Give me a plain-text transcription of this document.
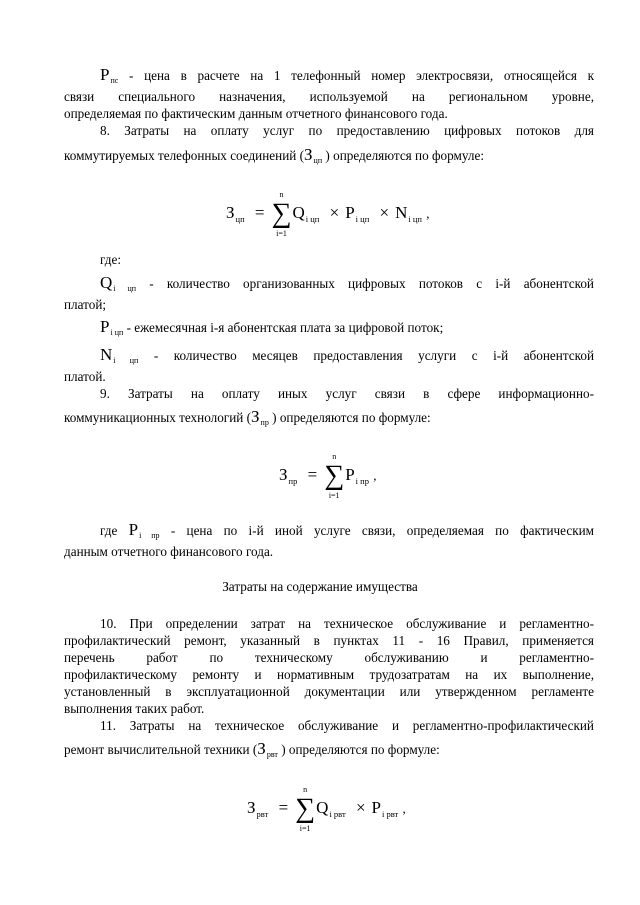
$P_{пс}$ - цена в расчете на 1 телефонный номер электросвязи, относящейся к

связи специального назначения, используемой на региональном уровне,

определяемая по фактическим данным отчетного финансового года.

8. Затраты на оплату услуг по предоставлению цифровых потоков для

коммутируемых телефонных соединений ($З_{цп}$ ) определяются по формуле:

$З_{цп}$ =
n
∑
i=1
$Q_{i цп} \times P_{i цп} \times N_{i цп}$ ,

где:

$Q_{i цп}$ - количество организованных цифровых потоков с i-й абонентской

платой;

$P_{i цп}$ - ежемесячная i-я абонентская плата за цифровой поток;

$N_{i цп}$ - количество месяцев предоставления услуги с i-й абонентской

платой.

9. Затраты на оплату иных услуг связи в сфере информационно-

коммуникационных технологий ($З_{пр}$ ) определяются по формуле:

$З_{пр}$ =
n
∑
i=1
$P_{i пр}$ ,

где $P_{i пр}$ - цена по i-й иной услуге связи, определяемая по фактическим

данным отчетного финансового года.

Затраты на содержание имущества

10. При определении затрат на техническое обслуживание и регламентно-

профилактический ремонт, указанный в пунктах 11 - 16 Правил, применяется

перечень работ по техническому обслуживанию и регламентно-

профилактическому ремонту и нормативным трудозатратам на их выполнение,

установленный в эксплуатационной документации или утвержденном регламенте

выполнения таких работ.

11. Затраты на техническое обслуживание и регламентно-профилактический

ремонт вычислительной техники ($З_{рвт}$ ) определяются по формуле:

$З_{рвт}$ =
n
∑
i=1
$Q_{i рвт} \times P_{i рвт}$ ,
